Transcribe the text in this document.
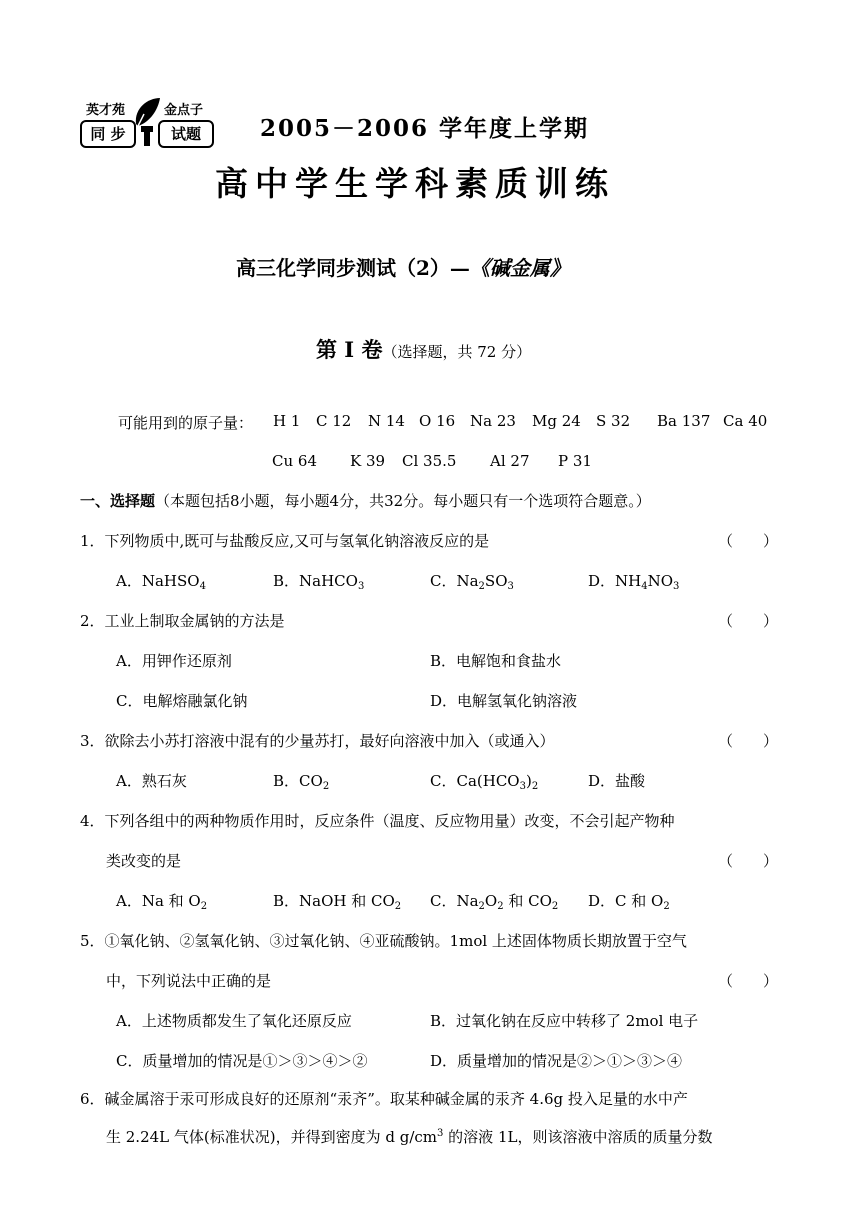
英才苑	金点子
同 步	试题	2005－2006 学年度上学期
高中学生学科素质训练
高三化学同步测试（2）—《碱金属》
第 I 卷（选择题，共 72 分）
可能用到的原子量： H 1 C 12 N 14 O 16 Na 23 Mg 24 S 32 Ba 137 Ca 40
Cu 64 K 39 Cl 35.5 Al 27 P 31
一、选择题（本题包括8小题，每小题4分，共32分。每小题只有一个选项符合题意。）
1．下列物质中,既可与盐酸反应,又可与氢氧化钠溶液反应的是	（　　）
A．NaHSO$_4$	B．NaHCO$_3$	C．$Na_2SO_3$	D．$NH_4NO_3$
2．工业上制取金属钠的方法是	（　　）
A．用钾作还原剂	B．电解饱和食盐水
C．电解熔融氯化钠	D．电解氢氧化钠溶液
3．欲除去小苏打溶液中混有的少量苏打，最好向溶液中加入（或通入）	（　　）
A．熟石灰	B．$CO_2$	C．$Ca(HCO_3)_2$	D．盐酸
4．下列各组中的两种物质作用时，反应条件（温度、反应物用量）改变，不会引起产物种
类改变的是	（　　）
A．Na 和 $O_2$	B．NaOH 和 $CO_2$ C．$Na_2O_2$ 和 $CO_2$ D．C 和 $O_2$
5．①氧化钠、②氢氧化钠、③过氧化钠、④亚硫酸钠。1mol 上述固体物质长期放置于空气
中，下列说法中正确的是	（　　）
A．上述物质都发生了氧化还原反应	B．过氧化钠在反应中转移了 2mol 电子
C．质量增加的情况是①＞③＞④＞②	D．质量增加的情况是②＞①＞③＞④
6．碱金属溶于汞可形成良好的还原剂“汞齐”。取某种碱金属的汞齐 4.6g 投入足量的水中产
生 2.24L 气体(标准状况)，并得到密度为 d $g/cm^3$ 的溶液 1L，则该溶液中溶质的质量分数
